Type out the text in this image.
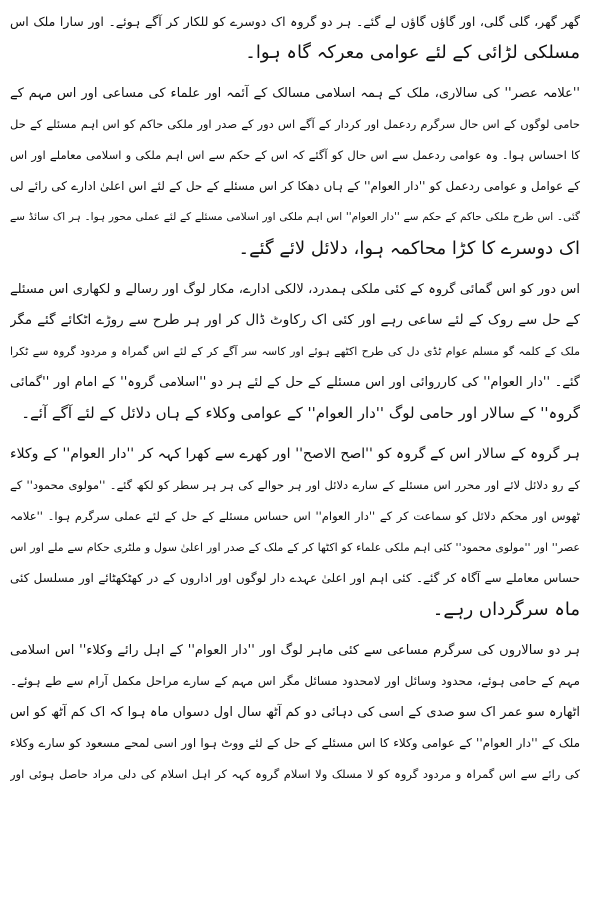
گھر گھر، گلی گلی، اور گاؤں گاؤں لے گئے۔ ہر دو گروہ اک دوسرے کو للکار کر آگے ہوئے۔ اور سارا ملک اس
مسلکی لڑائی کے لئے عوامی معرکہ گاہ ہوا۔

''علامہ عصر'' کی سالاری، ملک کے ہمہ اسلامی مسالک کے آئمہ اور علماء کی مساعی اور اس مہم کے
حامی لوگوں کے اس حال سرگرم ردعمل اور کردار کے آگے اس دور کے صدر اور ملکی حاکم کو اس اہم مسئلے کے حل
کا احساس ہوا۔ وہ عوامی ردعمل سے اس حال کو آگئے کہ اس کے حکم سے اس اہم ملکی و اسلامی معاملے اور اس
کے عوامل و عوامی ردعمل کو ''دار العوام'' کے ہاں دھکا کر اس مسئلے کے حل کے لئے اس اعلیٰ ادارے کی رائے لی
گئی۔ اس طرح ملکی حاکم کے حکم سے ''دار العوام'' اس اہم ملکی اور اسلامی مسئلے کے لئے عملی محور ہوا۔ ہر اک سائڈ سے
اک دوسرے کا کڑا محاکمہ ہوا، دلائل لائے گئے۔

اس دور کو اس گمائی گروہ کے کئی ملکی ہمدرد، لالکی ادارے، مکار لوگ اور رسالے و لکھاری اس مسئلے
کے حل سے روک کے لئے ساعی رہے اور کئی اک رکاوٹ ڈال کر اور ہر طرح سے روڑے اٹکائے گئے مگر
ملک کے کلمہ گو مسلم عوام ٹڈی دل کی طرح اکٹھے ہوئے اور کاسہ سر آگے کر کے لئے اس گمراہ و مردود گروہ سے ٹکرا
گئے۔ ''دار العوام'' کی کارروائی اور اس مسئلے کے حل کے لئے ہر دو ''اسلامی گروہ'' کے امام اور ''گمائی
گروہ'' کے سالار اور حامی لوگ ''دار العوام'' کے عوامی وکلاء کے ہاں دلائل کے لئے آگے آئے۔

ہر گروہ کے سالار اس کے گروہ کو ''اصح الاصح'' اور کھرے سے کھرا کہہ کر ''دار العوام'' کے وکلاء
کے رو دلائل لائے اور محرر اس مسئلے کے سارے دلائل اور ہر حوالے کی ہر ہر سطر کو لکھ گئے۔ ''مولوی محمود'' کے
ٹھوس اور محکم دلائل کو سماعت کر کے ''دار العوام'' اس حساس مسئلے کے حل کے لئے عملی سرگرم ہوا۔ ''علامہ
عصر'' اور ''مولوی محمود'' کئی اہم ملکی علماء کو اکٹھا کر کے ملک کے صدر اور اعلیٰ سول و ملٹری حکام سے ملے اور اس
حساس معاملے سے آگاہ کر گئے۔ کئی اہم اور اعلیٰ عہدے دار لوگوں اور اداروں کے در کھٹکھٹائے اور مسلسل کئی
ماہ سرگرداں رہے۔

ہر دو سالاروں کی سرگرم مساعی سے کئی ماہر لوگ اور ''دار العوام'' کے اہل رائے وکلاء'' اس اسلامی
مہم کے حامی ہوئے، محدود وسائل اور لامحدود مسائل مگر اس مہم کے سارے مراحل مکمل آرام سے طے ہوئے۔
اٹھارہ سو عمر اک سو صدی کے اسی کی دہائی دو کم آٹھ سال اول دسواں ماہ ہوا کہ اک کم آٹھ کو اس
ملک کے ''دار العوام'' کے عوامی وکلاء کا اس مسئلے کے حل کے لئے ووٹ ہوا اور اسی لمحے مسعود کو سارے وکلاء
کی رائے سے اس گمراہ و مردود گروہ کو لا مسلک ولا اسلام گروہ کہہ کر اہل اسلام کی دلی مراد حاصل ہوئی اور
